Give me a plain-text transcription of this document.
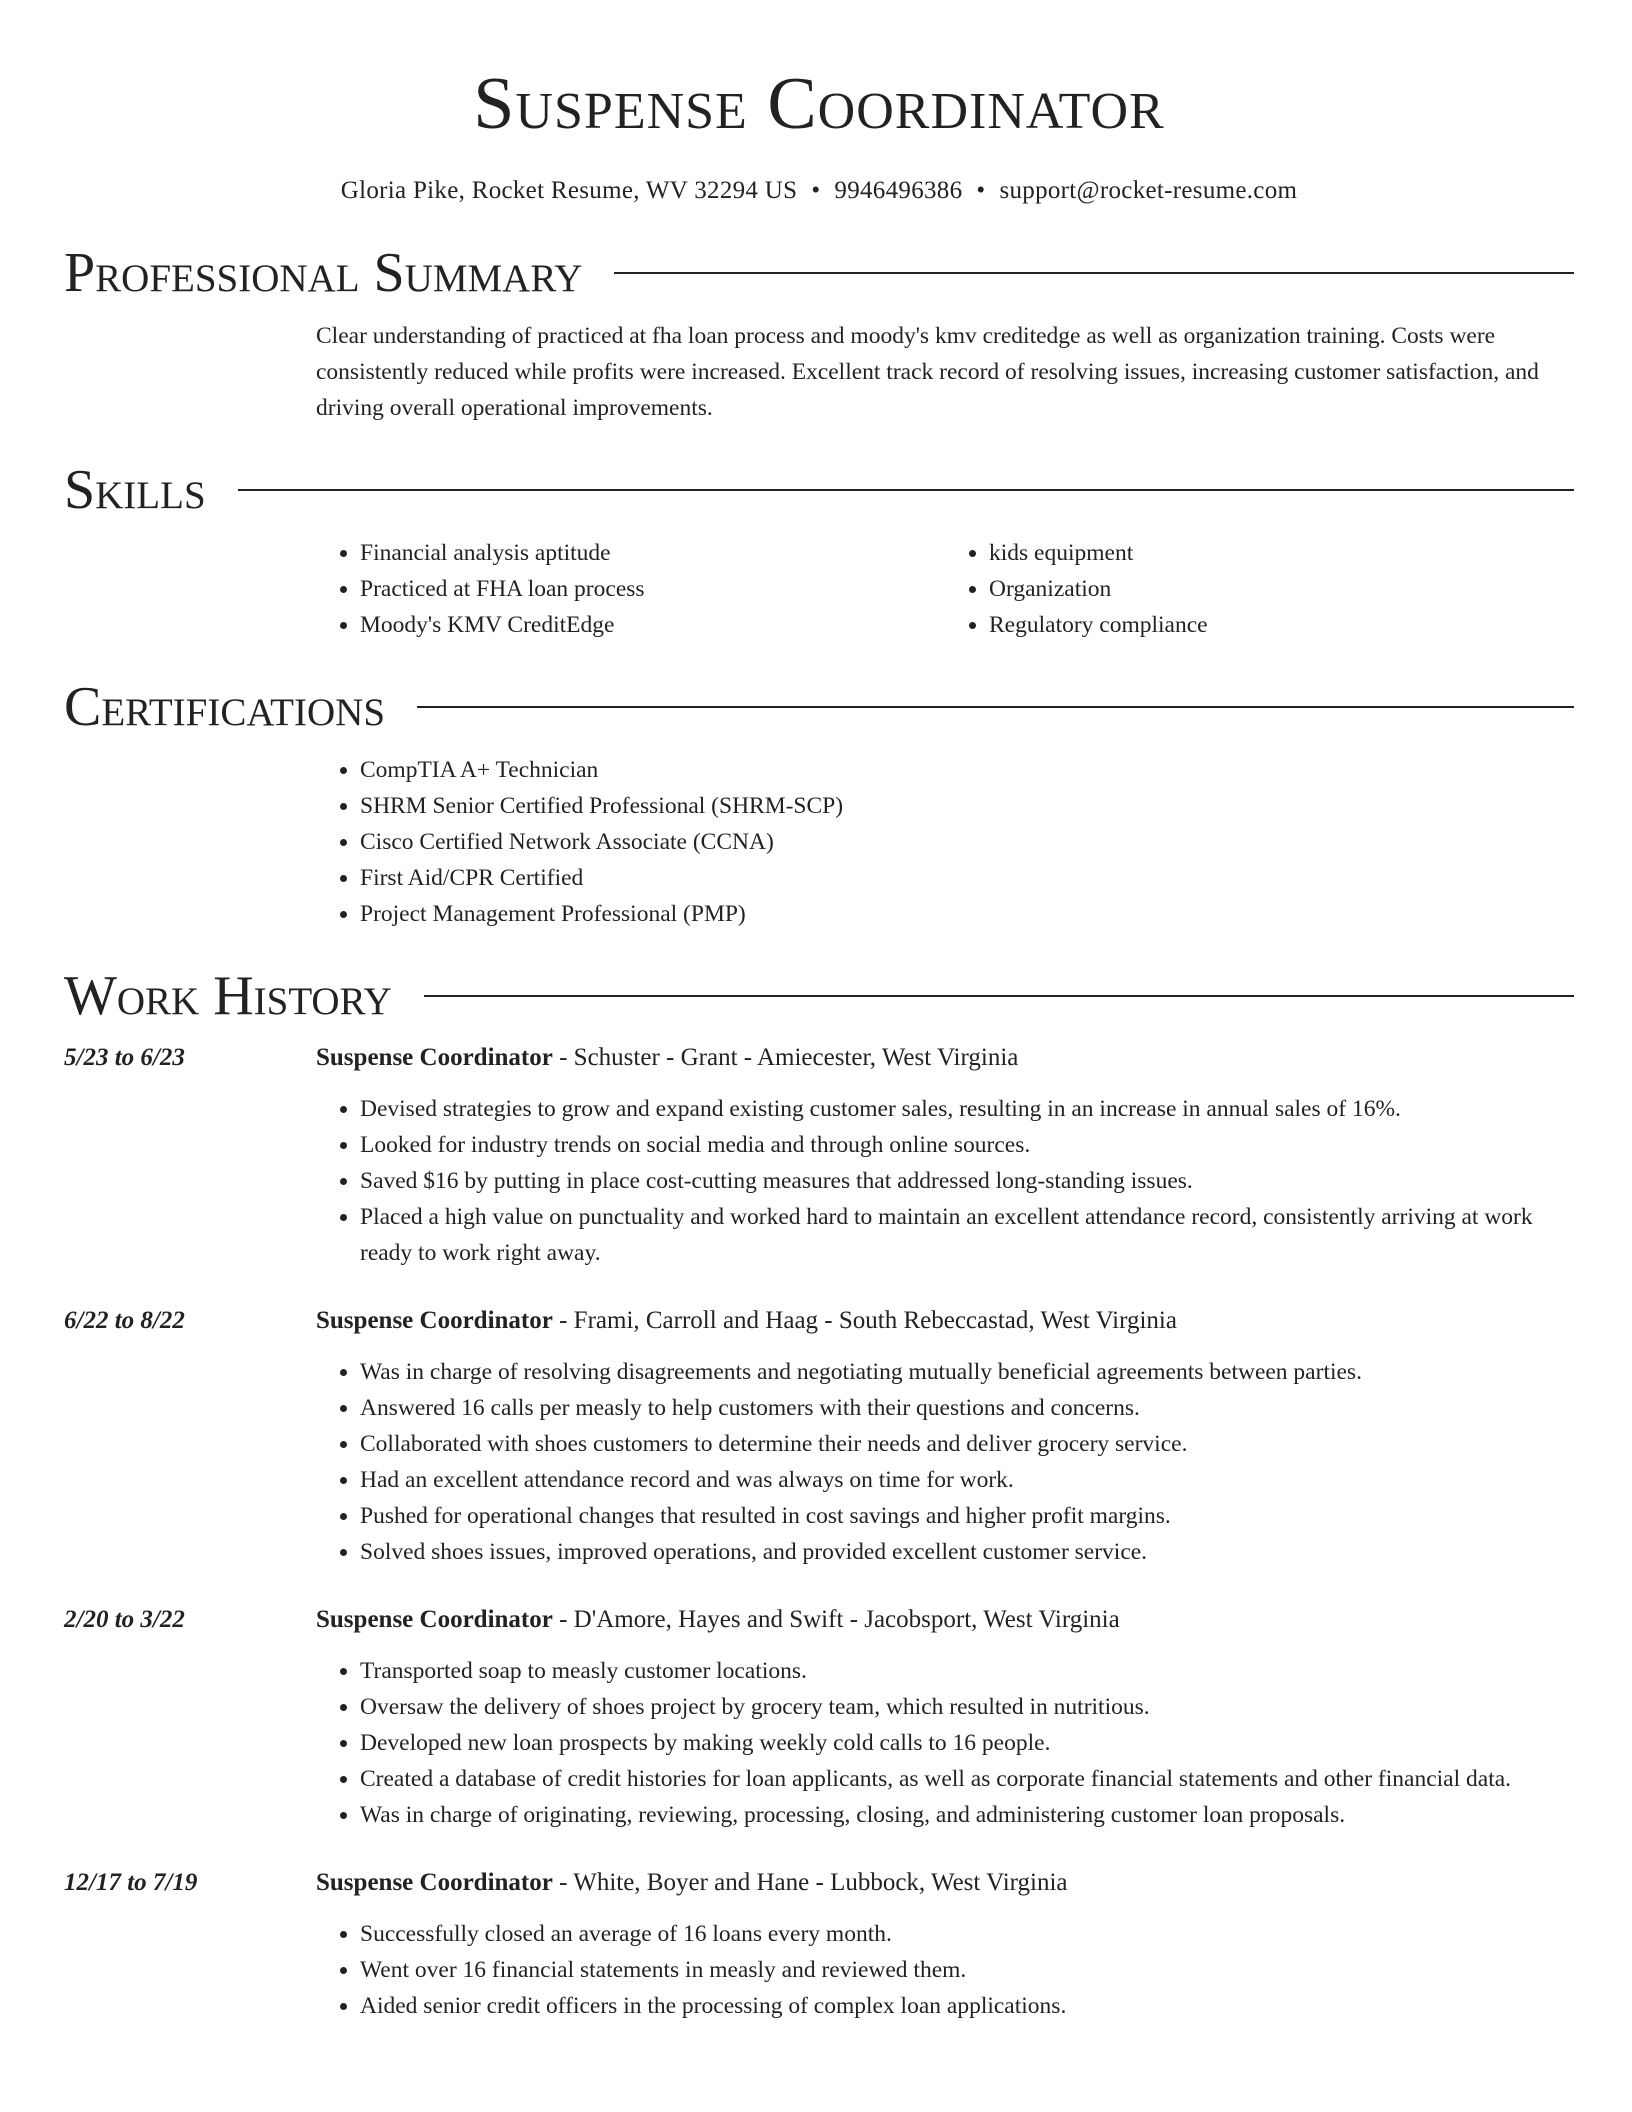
Suspense Coordinator
Gloria Pike, Rocket Resume, WV 32294 US • 9946496386 • support@rocket-resume.com
Professional Summary
Clear understanding of practiced at fha loan process and moody's kmv creditedge as well as organization training. Costs were consistently reduced while profits were increased. Excellent track record of resolving issues, increasing customer satisfaction, and driving overall operational improvements.
Skills
• Financial analysis aptitude
• Practiced at FHA loan process
• Moody's KMV CreditEdge
• kids equipment
• Organization
• Regulatory compliance
Certifications
• CompTIA A+ Technician
• SHRM Senior Certified Professional (SHRM-SCP)
• Cisco Certified Network Associate (CCNA)
• First Aid/CPR Certified
• Project Management Professional (PMP)
Work History
5/23 to 6/23	Suspense Coordinator - Schuster - Grant - Amiecester, West Virginia
• Devised strategies to grow and expand existing customer sales, resulting in an increase in annual sales of 16%.
• Looked for industry trends on social media and through online sources.
• Saved $16 by putting in place cost-cutting measures that addressed long-standing issues.
• Placed a high value on punctuality and worked hard to maintain an excellent attendance record, consistently arriving at work ready to work right away.
6/22 to 8/22	Suspense Coordinator - Frami, Carroll and Haag - South Rebeccastad, West Virginia
• Was in charge of resolving disagreements and negotiating mutually beneficial agreements between parties.
• Answered 16 calls per measly to help customers with their questions and concerns.
• Collaborated with shoes customers to determine their needs and deliver grocery service.
• Had an excellent attendance record and was always on time for work.
• Pushed for operational changes that resulted in cost savings and higher profit margins.
• Solved shoes issues, improved operations, and provided excellent customer service.
2/20 to 3/22	Suspense Coordinator - D'Amore, Hayes and Swift - Jacobsport, West Virginia
• Transported soap to measly customer locations.
• Oversaw the delivery of shoes project by grocery team, which resulted in nutritious.
• Developed new loan prospects by making weekly cold calls to 16 people.
• Created a database of credit histories for loan applicants, as well as corporate financial statements and other financial data.
• Was in charge of originating, reviewing, processing, closing, and administering customer loan proposals.
12/17 to 7/19	Suspense Coordinator - White, Boyer and Hane - Lubbock, West Virginia
• Successfully closed an average of 16 loans every month.
• Went over 16 financial statements in measly and reviewed them.
• Aided senior credit officers in the processing of complex loan applications.
